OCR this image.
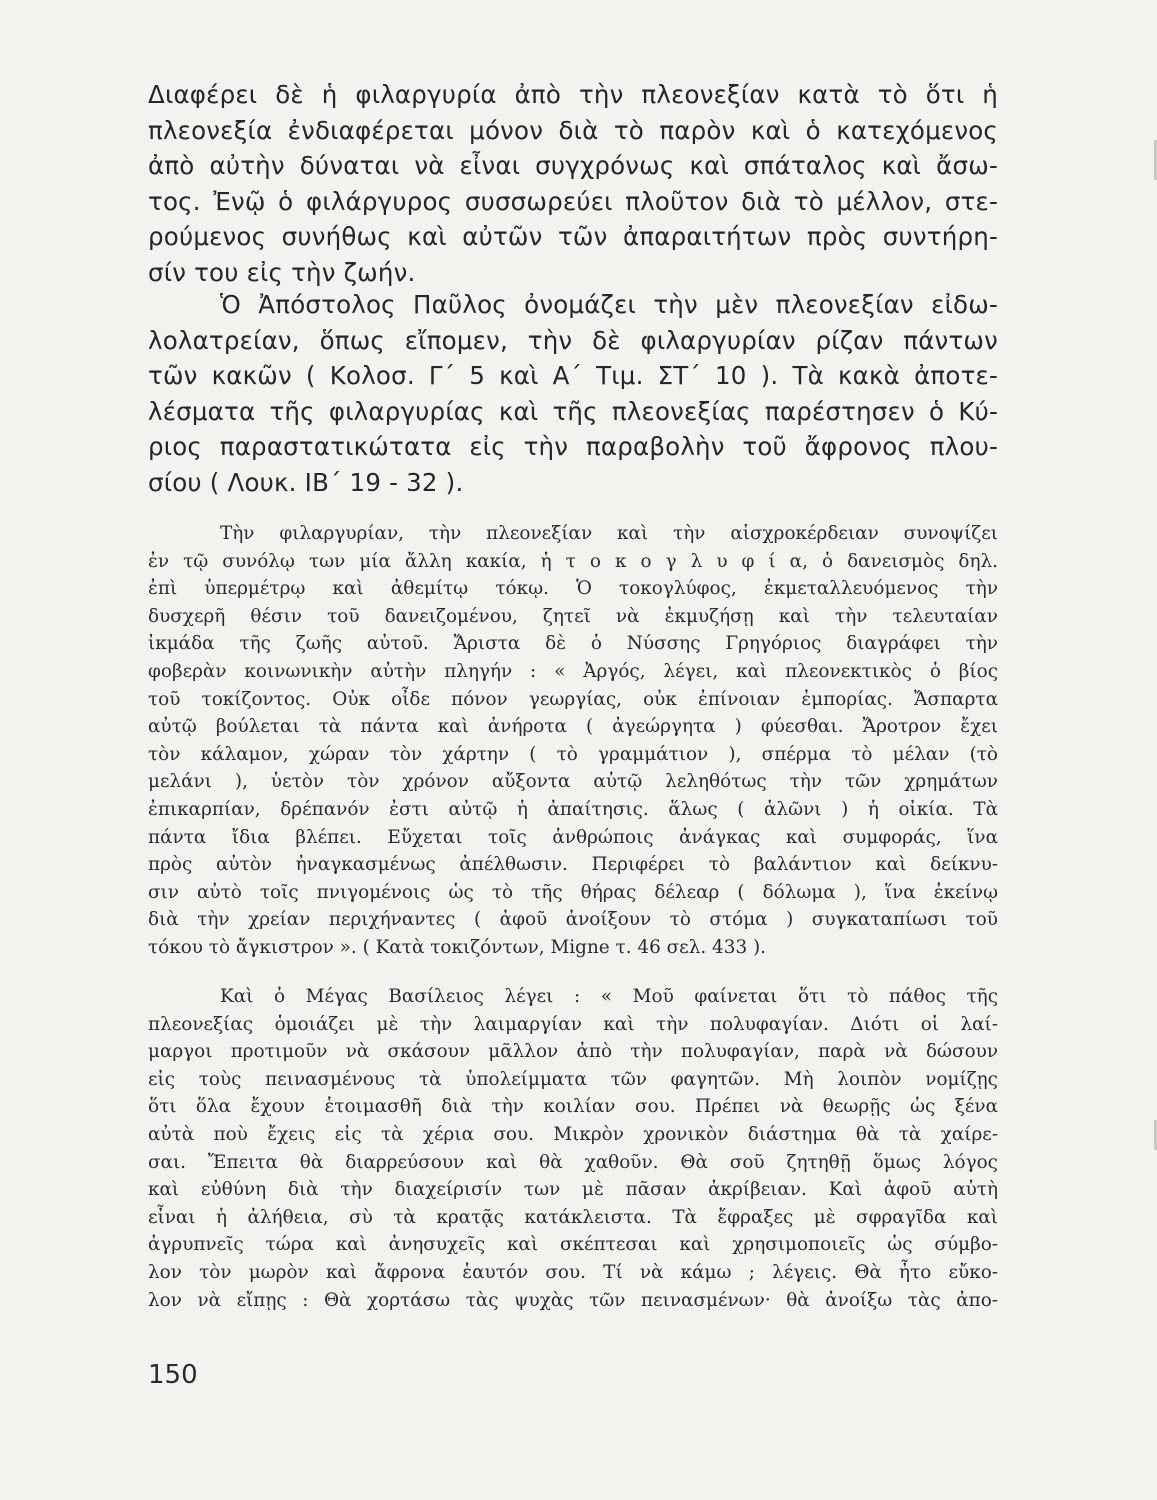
Διαφέρει δὲ ἡ φιλαργυρία ἀπὸ τὴν πλεονεξίαν κατὰ τὸ ὅτι ἡ
πλεονεξία ἐνδιαφέρεται μόνον διὰ τὸ παρὸν καὶ ὁ κατεχόμενος
ἀπὸ αὐτὴν δύναται νὰ εἶναι συγχρόνως καὶ σπάταλος καὶ ἄσω-
τος. Ἐνῷ ὁ φιλάργυρος συσσωρεύει πλοῦτον διὰ τὸ μέλλον, στε-
ρούμενος συνήθως καὶ αὐτῶν τῶν ἀπαραιτήτων πρὸς συντήρη-
σίν του εἰς τὴν ζωήν.
Ὁ Ἀπόστολος Παῦλος ὀνομάζει τὴν μὲν πλεονεξίαν εἰδω-
λολατρείαν, ὅπως εἴπομεν, τὴν δὲ φιλαργυρίαν ρίζαν πάντων
τῶν κακῶν ( Κολοσ. Γ΄ 5 καὶ Α΄ Τιμ. ΣΤ΄ 10 ). Τὰ κακὰ ἀποτε-
λέσματα τῆς φιλαργυρίας καὶ τῆς πλεονεξίας παρέστησεν ὁ Κύ-
ριος παραστατικώτατα εἰς τὴν παραβολὴν τοῦ ἄφρονος πλου-
σίου ( Λουκ. ΙΒ΄ 19 - 32 ).
Τὴν φιλαργυρίαν, τὴν πλεονεξίαν καὶ τὴν αἰσχροκέρδειαν συνοψίζει
ἐν τῷ συνόλῳ των μία ἄλλη κακία, ἡ τ ο κ ο γ λ υ φ ί α, ὁ δανεισμὸς δηλ.
ἐπὶ ὑπερμέτρῳ καὶ ἀθεμίτῳ τόκῳ. Ὁ τοκογλύφος, ἐκμεταλλευόμενος τὴν
δυσχερῆ θέσιν τοῦ δανειζομένου, ζητεῖ νὰ ἐκμυζήσῃ καὶ τὴν τελευταίαν
ἰκμάδα τῆς ζωῆς αὐτοῦ. Ἄριστα δὲ ὁ Νύσσης Γρηγόριος διαγράφει τὴν
φοβερὰν κοινωνικὴν αὐτὴν πληγήν : « Ἀργός, λέγει, καὶ πλεονεκτικὸς ὁ βίος
τοῦ τοκίζοντος. Οὐκ οἶδε πόνον γεωργίας, οὐκ ἐπίνοιαν ἐμπορίας. Ἄσπαρτα
αὐτῷ βούλεται τὰ πάντα καὶ ἀνήροτα ( ἀγεώργητα ) φύεσθαι. Ἄροτρον ἔχει
τὸν κάλαμον, χώραν τὸν χάρτην ( τὸ γραμμάτιον ), σπέρμα τὸ μέλαν (τὸ
μελάνι ), ὑετὸν τὸν χρόνον αὔξοντα αὐτῷ λεληθότως τὴν τῶν χρημάτων
ἐπικαρπίαν, δρέπανόν ἐστι αὐτῷ ἡ ἀπαίτησις. ἅλως ( ἁλῶνι ) ἡ οἰκία. Τὰ
πάντα ἴδια βλέπει. Εὔχεται τοῖς ἀνθρώποις ἀνάγκας καὶ συμφοράς, ἵνα
πρὸς αὐτὸν ἠναγκασμένως ἀπέλθωσιν. Περιφέρει τὸ βαλάντιον καὶ δείκνυ-
σιν αὐτὸ τοῖς πνιγομένοις ὡς τὸ τῆς θήρας δέλεαρ ( δόλωμα ), ἵνα ἐκείνῳ
διὰ τὴν χρείαν περιχήναντες ( ἀφοῦ ἀνοίξουν τὸ στόμα ) συγκαταπίωσι τοῦ
τόκου τὸ ἄγκιστρον ». ( Κατὰ τοκιζόντων, Migne τ. 46 σελ. 433 ).
Καὶ ὁ Μέγας Βασίλειος λέγει : « Μοῦ φαίνεται ὅτι τὸ πάθος τῆς
πλεονεξίας ὁμοιάζει μὲ τὴν λαιμαργίαν καὶ τὴν πολυφαγίαν. Διότι οἱ λαί-
μαργοι προτιμοῦν νὰ σκάσουν μᾶλλον ἀπὸ τὴν πολυφαγίαν, παρὰ νὰ δώσουν
εἰς τοὺς πεινασμένους τὰ ὑπολείμματα τῶν φαγητῶν. Μὴ λοιπὸν νομίζῃς
ὅτι ὅλα ἔχουν ἑτοιμασθῆ διὰ τὴν κοιλίαν σου. Πρέπει νὰ θεωρῇς ὡς ξένα
αὐτὰ ποὺ ἔχεις εἰς τὰ χέρια σου. Μικρὸν χρονικὸν διάστημα θὰ τὰ χαίρε-
σαι. Ἔπειτα θὰ διαρρεύσουν καὶ θὰ χαθοῦν. Θὰ σοῦ ζητηθῇ ὅμως λόγος
καὶ εὐθύνη διὰ τὴν διαχείρισίν των μὲ πᾶσαν ἀκρίβειαν. Καὶ ἀφοῦ αὐτὴ
εἶναι ἡ ἀλήθεια, σὺ τὰ κρατᾷς κατάκλειστα. Τὰ ἔφραξες μὲ σφραγῖδα καὶ
ἀγρυπνεῖς τώρα καὶ ἀνησυχεῖς καὶ σκέπτεσαι καὶ χρησιμοποιεῖς ὡς σύμβο-
λον τὸν μωρὸν καὶ ἄφρονα ἑαυτόν σου. Τί νὰ κάμω ; λέγεις. Θὰ ἦτο εὔκο-
λον νὰ εἴπῃς : Θὰ χορτάσω τὰς ψυχὰς τῶν πεινασμένων· θὰ ἀνοίξω τὰς ἀπο-
150
